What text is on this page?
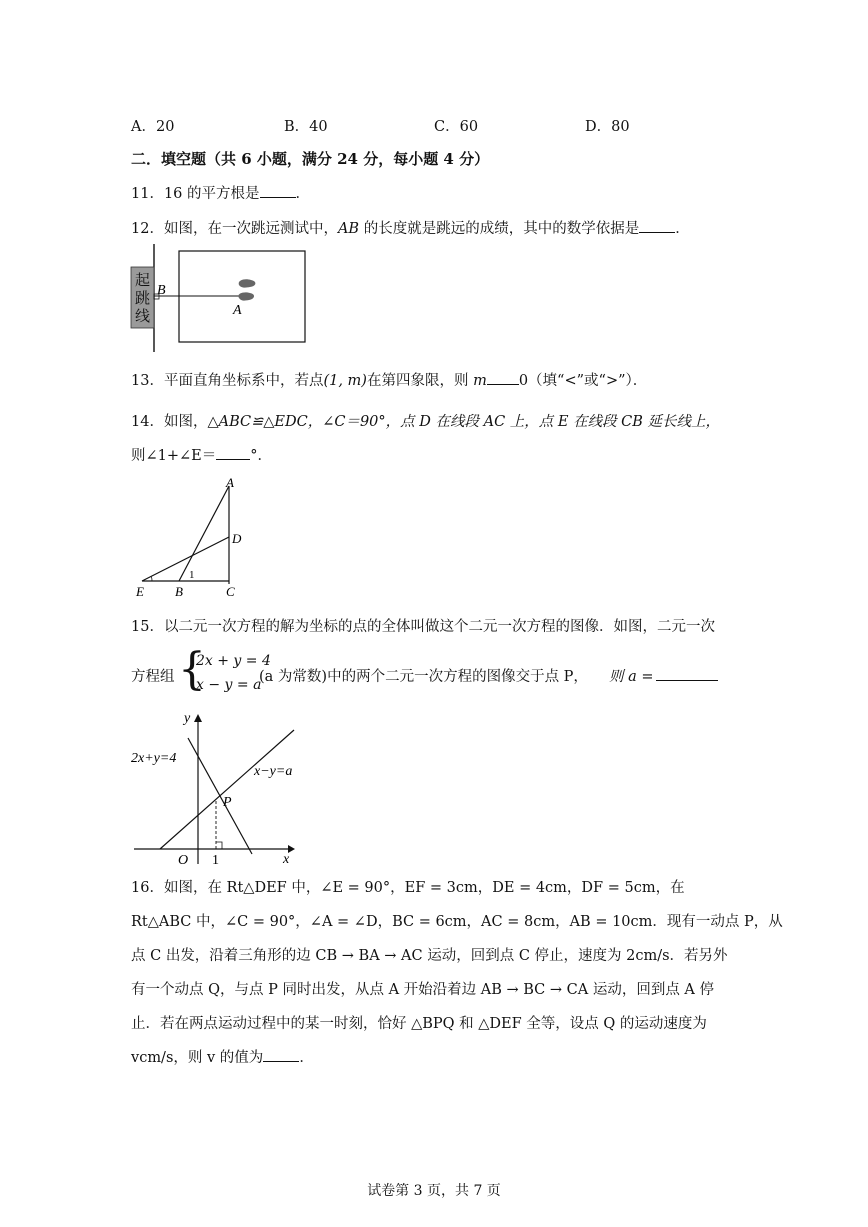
A．20	B．40	C．60	D．80
二．填空题（共 6 小题，满分 24 分，每小题 4 分）
11．16 的平方根是 ．
12．如图，在一次跳远测试中，AB 的长度就是跳远的成绩，其中的数学依据是 ．
起
跳
线
B
A
13．平面直角坐标系中，若点(1, m)在第四象限，则 m 0（填“<”或“>”）．
14．如图，△ABC≌△EDC，∠C＝90°，点 D 在线段 AC 上，点 E 在线段 CB 延长线上，
则∠1+∠E＝ °．
A
D
E B	C
1
15．以二元一次方程的解为坐标的点的全体叫做这个二元一次方程的图像．如图，二元一次
方程组 {
2x + y = 4
x − y = a
(a 为常数)中的两个二元一次方程的图像交于点 P， 则 a =
y
x
O 1
P
2x+y=4
x−y=a
16．如图，在 Rt△DEF 中，∠E = 90°，EF = 3cm，DE = 4cm，DF = 5cm，在
Rt△ABC 中，∠C = 90°，∠A = ∠D，BC = 6cm，AC = 8cm，AB = 10cm．现有一动点 P，从
点 C 出发，沿着三角形的边 CB → BA → AC 运动，回到点 C 停止，速度为 2cm/s．若另外
有一个动点 Q，与点 P 同时出发，从点 A 开始沿着边 AB → BC → CA 运动，回到点 A 停
止．若在两点运动过程中的某一时刻，恰好 △BPQ 和 △DEF 全等，设点 Q 的运动速度为
vcm/s，则 v 的值为 ．
试卷第 3 页，共 7 页
